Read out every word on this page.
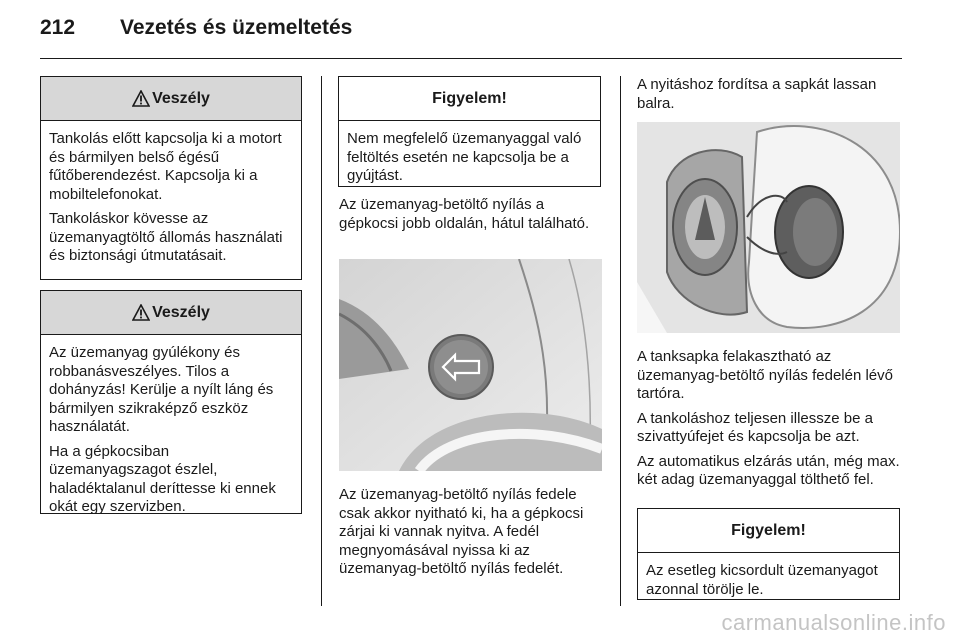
212 Vezetés és üzemeltetés
Veszély

Tankolás előtt kapcsolja ki a motort és bármilyen belső égésű fűtőberendezést. Kapcsolja ki a mobiltelefonokat.

Tankoláskor kövesse az üzemanyagtöltő állomás használati és biztonsági útmutatásait.

Veszély

Az üzemanyag gyúlékony és robbanásveszélyes. Tilos a dohányzás! Kerülje a nyílt láng és bármilyen szikraképző eszköz használatát.

Ha a gépkocsiban üzemanyagszagot észlel, haladéktalanul deríttesse ki ennek okát egy szervizben.

Figyelem!

Nem megfelelő üzemanyaggal való feltöltés esetén ne kapcsolja be a gyújtást.

Az üzemanyag-betöltő nyílás a gépkocsi jobb oldalán, hátul található.

Az üzemanyag-betöltő nyílás fedele csak akkor nyitható ki, ha a gépkocsi zárjai ki vannak nyitva. A fedél megnyomásával nyissa ki az üzemanyag-betöltő nyílás fedelét.

A nyitáshoz fordítsa a sapkát lassan balra.

A tanksapka felakasztható az üzemanyag-betöltő nyílás fedelén lévő tartóra.

A tankoláshoz teljesen illessze be a szivattyúfejet és kapcsolja be azt.

Az automatikus elzárás után, még max. két adag üzemanyaggal tölthető fel.

Figyelem!

Az esetleg kicsordult üzemanyagot azonnal törölje le.

carmanualsonline.info
